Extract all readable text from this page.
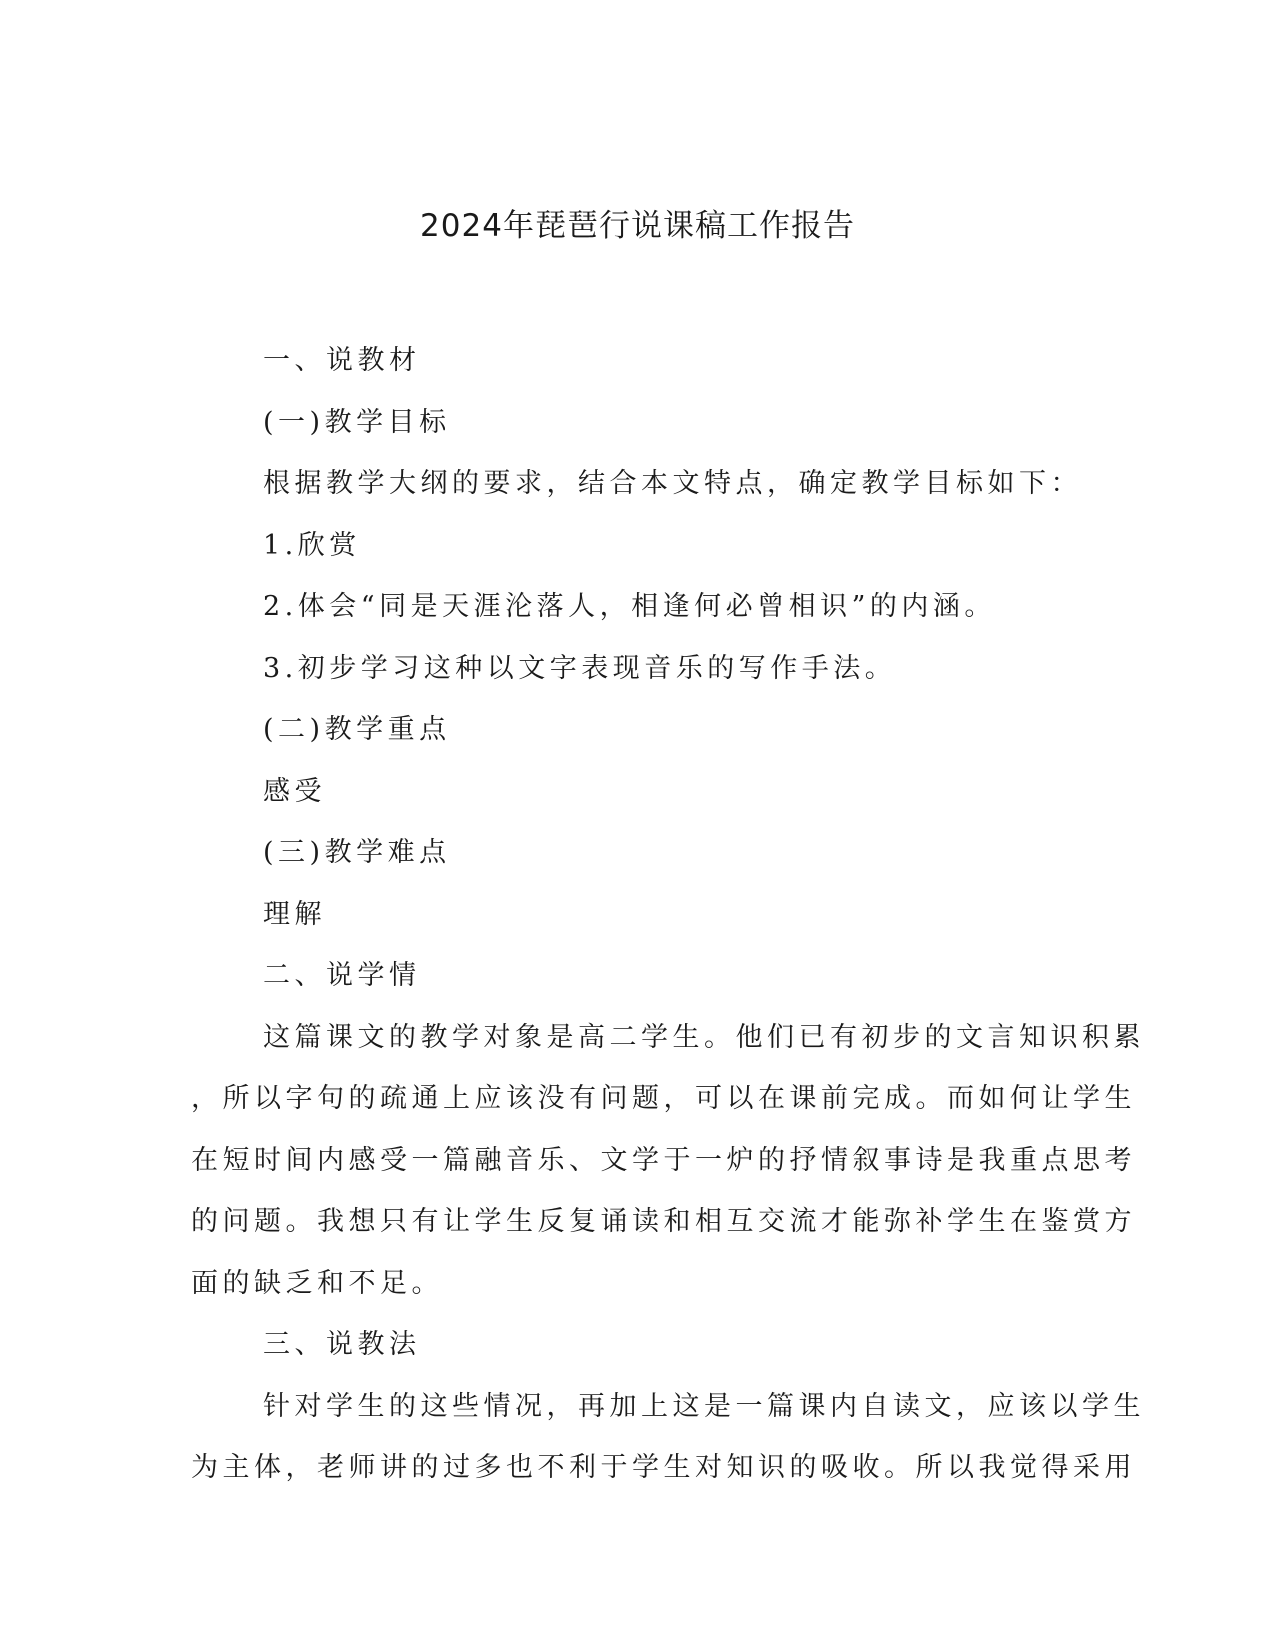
2024年琵琶行说课稿工作报告
一、说教材
(一)教学目标
根据教学大纲的要求，结合本文特点，确定教学目标如下：
1.欣赏
2.体会“同是天涯沦落人，相逢何必曾相识”的内涵。
3.初步学习这种以文字表现音乐的写作手法。
(二)教学重点
感受
(三)教学难点
理解
二、说学情
这篇课文的教学对象是高二学生。他们已有初步的文言知识积累
，所以字句的疏通上应该没有问题，可以在课前完成。而如何让学生
在短时间内感受一篇融音乐、文学于一炉的抒情叙事诗是我重点思考
的问题。我想只有让学生反复诵读和相互交流才能弥补学生在鉴赏方
面的缺乏和不足。
三、说教法
针对学生的这些情况，再加上这是一篇课内自读文，应该以学生
为主体，老师讲的过多也不利于学生对知识的吸收。所以我觉得采用
